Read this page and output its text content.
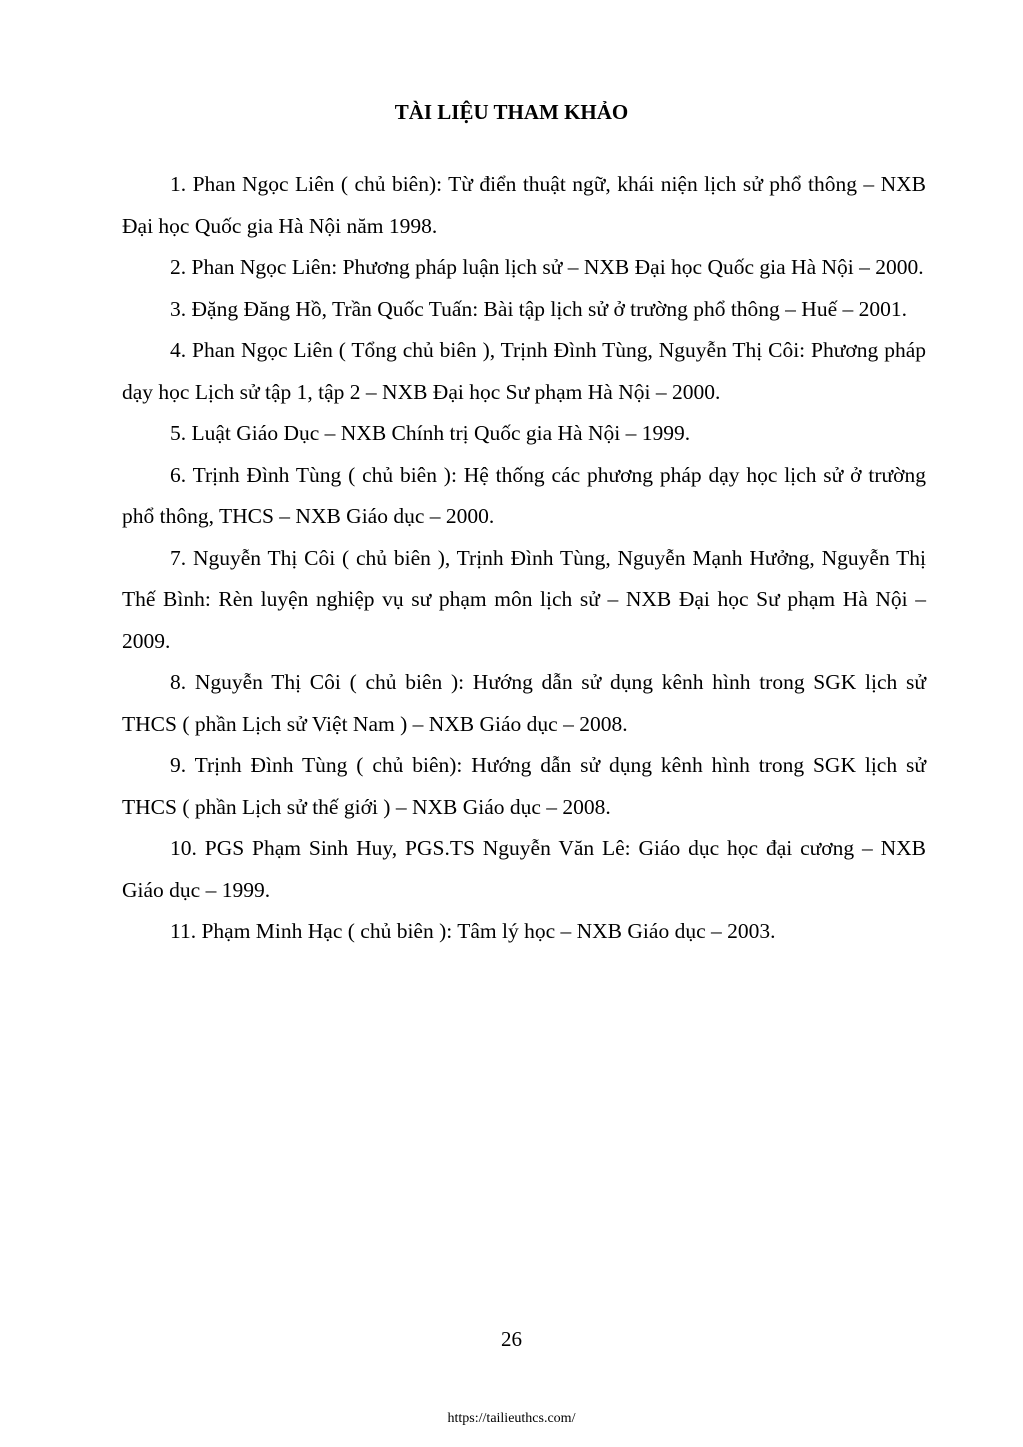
TÀI LIỆU THAM KHẢO

1. Phan Ngọc Liên ( chủ biên): Từ điển thuật ngữ, khái niện lịch sử phổ thông – NXB Đại học Quốc gia Hà Nội năm 1998.

2. Phan Ngọc Liên: Phương pháp luận lịch sử – NXB Đại học Quốc gia Hà Nội – 2000.

3. Đặng Đăng Hồ, Trần Quốc Tuấn: Bài tập lịch sử ở trường phổ thông – Huế – 2001.

4. Phan Ngọc Liên ( Tổng chủ biên ), Trịnh Đình Tùng, Nguyễn Thị Côi: Phương pháp dạy học Lịch sử tập 1, tập 2 – NXB Đại học Sư phạm Hà Nội – 2000.

5. Luật Giáo Dục – NXB Chính trị Quốc gia Hà Nội – 1999.

6. Trịnh Đình Tùng ( chủ biên ): Hệ thống các phương pháp dạy học lịch sử ở trường phổ thông, THCS – NXB Giáo dục – 2000.

7. Nguyễn Thị Côi ( chủ biên ), Trịnh Đình Tùng, Nguyễn Mạnh Hưởng, Nguyễn Thị Thế Bình: Rèn luyện nghiệp vụ sư phạm môn lịch sử – NXB Đại học Sư phạm Hà Nội – 2009.

8. Nguyễn Thị Côi ( chủ biên ): Hướng dẫn sử dụng kênh hình trong SGK lịch sử THCS ( phần Lịch sử Việt Nam ) – NXB Giáo dục – 2008.

9. Trịnh Đình Tùng ( chủ biên): Hướng dẫn sử dụng kênh hình trong SGK lịch sử THCS ( phần Lịch sử thế giới ) – NXB Giáo dục – 2008.

10. PGS Phạm Sinh Huy, PGS.TS Nguyễn Văn Lê: Giáo dục học đại cương – NXB Giáo dục – 1999.

11. Phạm Minh Hạc ( chủ biên ): Tâm lý học – NXB Giáo dục – 2003.

26
https://tailieuthcs.com/
